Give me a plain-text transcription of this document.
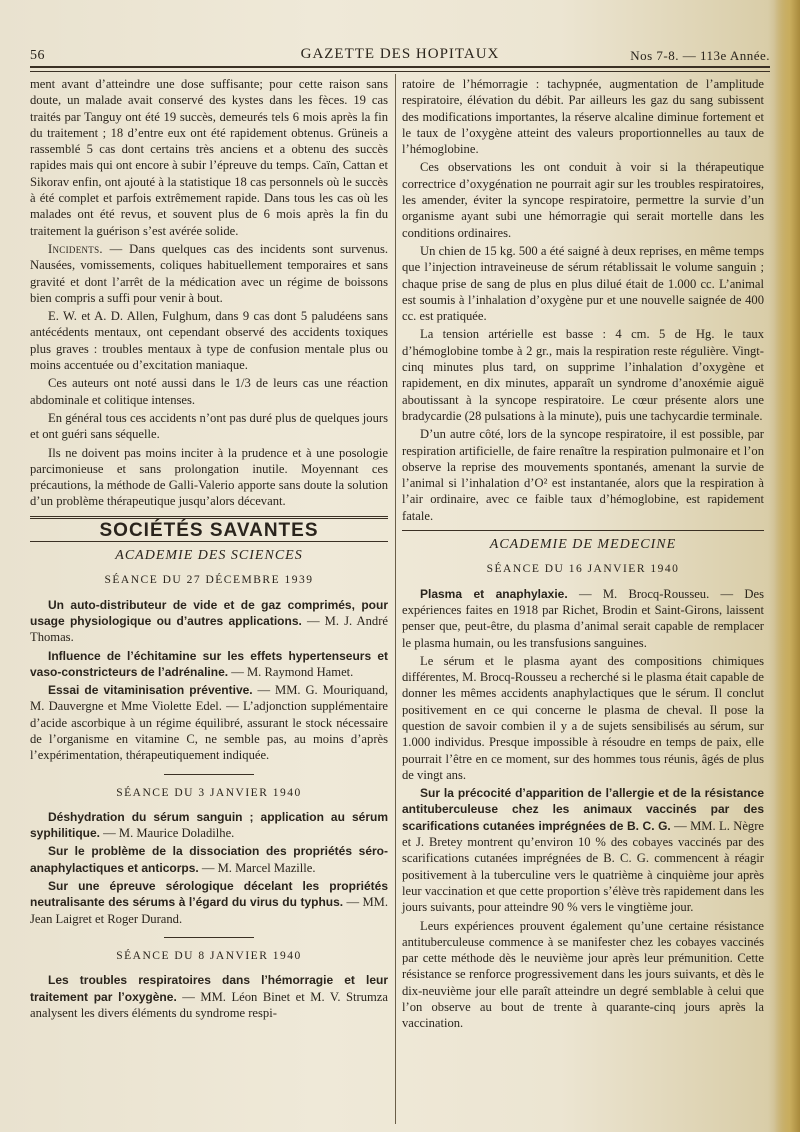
56	GAZETTE DES HOPITAUX	Nos 7-8. — 113e Année.

ment avant d’atteindre une dose suffisante; pour cette raison sans doute, un malade avait conservé des kystes dans les fèces. 19 cas traités par Tanguy ont été 19 succès, demeurés tels 6 mois après la fin du traitement ; 18 d’entre eux ont été rapidement obtenus. Grüneis a rassemblé 5 cas dont certains très anciens et a obtenu des succès rapides mais qui ont encore à subir l’épreuve du temps. Caïn, Cattan et Sikorav enfin, ont ajouté à la statistique 18 cas personnels où le succès à été complet et parfois extrêmement rapide. Dans tous les cas où les malades ont été revus, et souvent plus de 6 mois après la fin du traitement la guérison s’est avérée solide.

Incidents. — Dans quelques cas des incidents sont survenus. Nausées, vomissements, coliques habituellement temporaires et sans gravité et dont l’arrêt de la médication avec un régime de boissons bien compris a suffi pour venir à bout.

E. W. et A. D. Allen, Fulghum, dans 9 cas dont 5 paludéens sans antécédents mentaux, ont cependant observé des accidents toxiques plus graves : troubles mentaux à type de confusion mentale plus ou moins accentuée ou d’excitation maniaque.

Ces auteurs ont noté aussi dans le 1/3 de leurs cas une réaction abdominale et colitique intenses.

En général tous ces accidents n’ont pas duré plus de quelques jours et ont guéri sans séquelle.

Ils ne doivent pas moins inciter à la prudence et à une posologie parcimonieuse et sans prolongation inutile. Moyennant ces précautions, la méthode de Galli-Valerio apporte sans doute la solution d’un problème thérapeutique jusqu’alors décevant.

SOCIÉTÉS SAVANTES
ACADEMIE DES SCIENCES
SÉANCE DU 27 DÉCEMBRE 1939

Un auto-distributeur de vide et de gaz comprimés, pour usage physiologique ou d’autres applications. — M. J. André Thomas.

Influence de l’échitamine sur les effets hypertenseurs et vaso-constricteurs de l’adrénaline. — M. Raymond Hamet.

Essai de vitaminisation préventive. — MM. G. Mouriquand, M. Dauvergne et Mme Violette Edel. — L’adjonction supplémentaire d’acide ascorbique à un régime équilibré, assurant le stock nécessaire de l’organisme en vitamine C, ne semble pas, au moins d’après l’expérimentation, thérapeutiquement indiquée.

SÉANCE DU 3 JANVIER 1940

Déshydration du sérum sanguin ; application au sérum syphilitique. — M. Maurice Doladilhe.

Sur le problème de la dissociation des propriétés séro-anaphylactiques et anticorps. — M. Marcel Mazille.

Sur une épreuve sérologique décelant les propriétés neutralisante des sérums à l’égard du virus du typhus. — MM. Jean Laigret et Roger Durand.

SÉANCE DU 8 JANVIER 1940

Les troubles respiratoires dans l’hémorragie et leur traitement par l’oxygène. — MM. Léon Binet et M. V. Strumza analysent les divers éléments du syndrome respi-

ratoire de l’hémorragie : tachypnée, augmentation de l’amplitude respiratoire, élévation du débit. Par ailleurs les gaz du sang subissent des modifications importantes, la réserve alcaline diminue fortement et le taux de l’oxygène atteint des valeurs proportionnelles au taux de l’hémoglobine.

Ces observations les ont conduit à voir si la thérapeutique correctrice d’oxygénation ne pourrait agir sur les troubles respiratoires, les amender, éviter la syncope respiratoire, permettre la survie d’un organisme ayant subi une hémorragie qui serait mortelle dans les conditions ordinaires.

Un chien de 15 kg. 500 a été saigné à deux reprises, en même temps que l’injection intraveineuse de sérum rétablissait le volume sanguin ; chaque prise de sang de plus en plus dilué était de 1.000 cc. L’animal est soumis à l’inhalation d’oxygène pur et une nouvelle saignée de 400 cc. est pratiquée.

La tension artérielle est basse : 4 cm. 5 de Hg. le taux d’hémoglobine tombe à 2 gr., mais la respiration reste régulière. Vingt-cinq minutes plus tard, on supprime l’inhalation d’oxygène et rapidement, en dix minutes, apparaît un syndrome d’anoxémie aiguë aboutissant à la syncope respiratoire. Le cœur présente alors une bradycardie (28 pulsations à la minute), puis une tachycardie terminale.

D’un autre côté, lors de la syncope respiratoire, il est possible, par respiration artificielle, de faire renaître la respiration pulmonaire et l’on observe la reprise des mouvements spontanés, amenant la survie de l’animal si l’inhalation d’O² est instantanée, alors que la respiration à l’air ordinaire, avec ce faible taux d’hémoglobine, est rapidement fatale.

ACADEMIE DE MEDECINE
SÉANCE DU 16 JANVIER 1940

Plasma et anaphylaxie. — M. Brocq-Rousseu. — Des expériences faites en 1918 par Richet, Brodin et Saint-Girons, laissent penser que, peut-être, du plasma d’animal serait capable de remplacer le plasma humain, ou les transfusions sanguines.

Le sérum et le plasma ayant des compositions chimiques différentes, M. Brocq-Rousseu a recherché si le plasma était capable de donner les mêmes accidents anaphylactiques que le sérum. Il conclut positivement en ce qui concerne le plasma de cheval. Il pose la question de savoir combien il y a de sujets sensibilisés au sérum, sur 1.000 individus. Presque impossible à résoudre en temps de paix, elle pourrait l’être en ce moment, sur des hommes tous réunis, âgés de plus de vingt ans.

Sur la précocité d’apparition de l’allergie et de la résistance antituberculeuse chez les animaux vaccinés par des scarifications cutanées imprégnées de B. C. G. — MM. L. Nègre et J. Bretey montrent qu’environ 10 % des cobayes vaccinés par des scarifications cutanées imprégnées de B. C. G. commencent à réagir positivement à la tuberculine vers le quatrième à cinquième jour après leur vaccination et que cette proportion s’élève très rapidement dans les jours suivants, pour atteindre 90 % vers le vingtième jour.

Leurs expériences prouvent également qu’une certaine résistance antituberculeuse commence à se manifester chez les cobayes vaccinés par cette méthode dès le neuvième jour après leur prémunition. Cette résistance se renforce progressivement dans les jours suivants, et dès le dix-neuvième jour elle paraît atteindre un degré semblable à celui que l’on observe au bout de trente à quarante-cinq jours après la vaccination.
